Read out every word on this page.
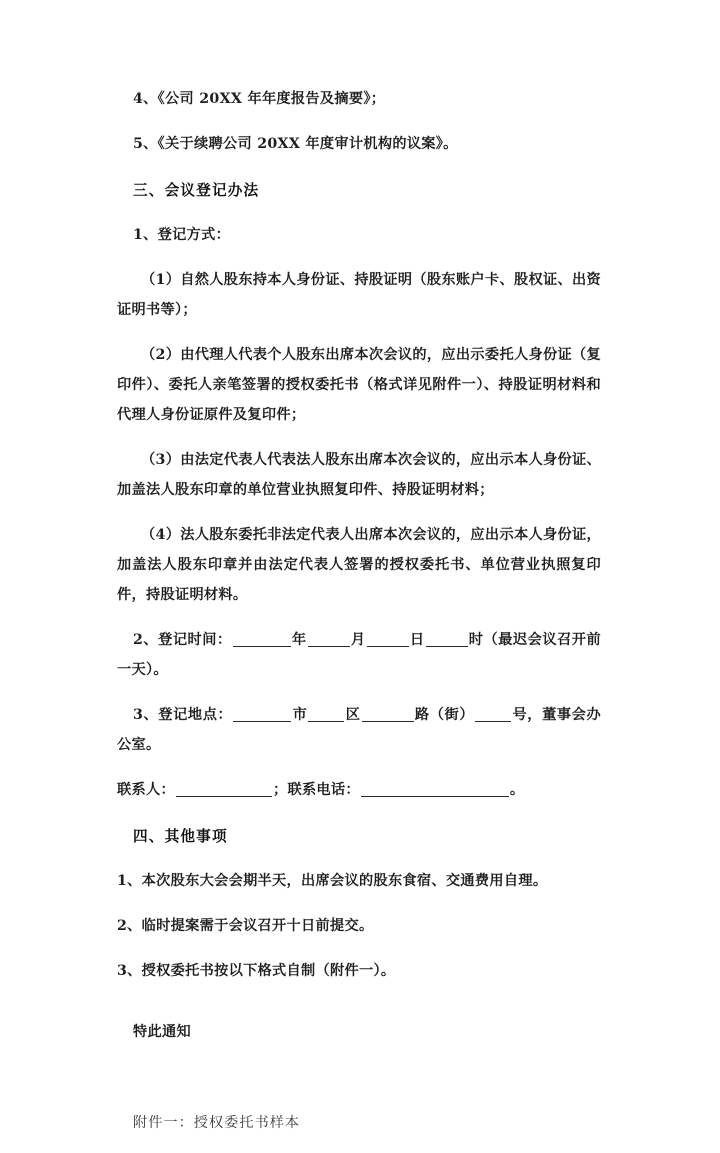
4、《公司 20XX 年年度报告及摘要》；

5、《关于续聘公司 20XX 年度审计机构的议案》。

三、会议登记办法

1、登记方式：

（1）自然人股东持本人身份证、持股证明（股东账户卡、股权证、出资证明书等）；

（2）由代理人代表个人股东出席本次会议的，应出示委托人身份证（复印件）、委托人亲笔签署的授权委托书（格式详见附件一）、持股证明材料和代理人身份证原件及复印件；

（3）由法定代表人代表法人股东出席本次会议的，应出示本人身份证、加盖法人股东印章的单位营业执照复印件、持股证明材料；

（4）法人股东委托非法定代表人出席本次会议的，应出示本人身份证，加盖法人股东印章并由法定代表人签署的授权委托书、单位营业执照复印件，持股证明材料。

2、登记时间：	年	月	日	时（最迟会议召开前一天）。

3、登记地点：	市	区	路（街）	号，董事会办公室。

联系人：	；联系电话：	。

四、其他事项

1、本次股东大会会期半天，出席会议的股东食宿、交通费用自理。

2、临时提案需于会议召开十日前提交。

3、授权委托书按以下格式自制（附件一）。

特此通知

附件一：授权委托书样本
